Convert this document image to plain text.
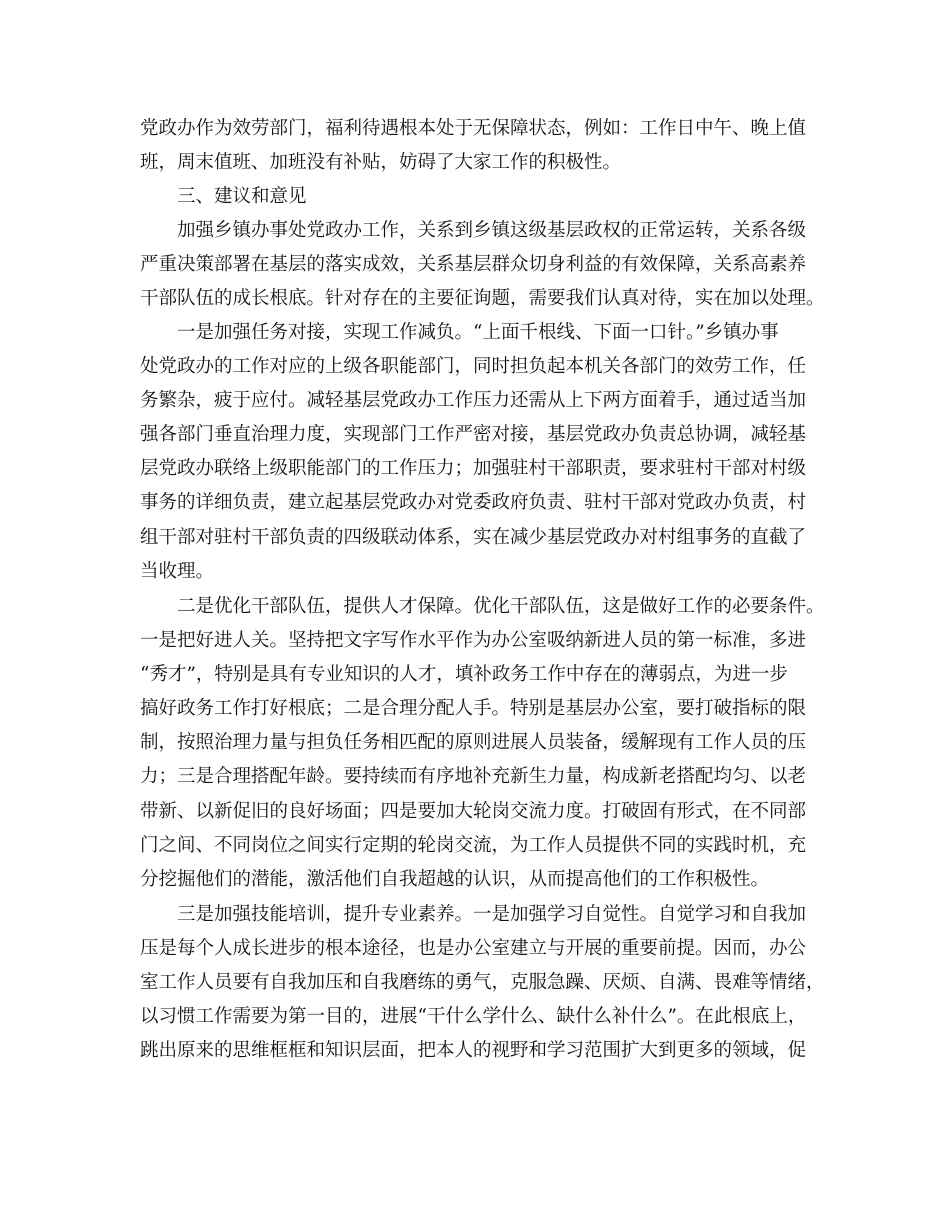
党政办作为效劳部门，福利待遇根本处于无保障状态，例如：工作日中午、晚上值
班，周末值班、加班没有补贴，妨碍了大家工作的积极性。
三、建议和意见
加强乡镇办事处党政办工作，关系到乡镇这级基层政权的正常运转，关系各级
严重决策部署在基层的落实成效，关系基层群众切身利益的有效保障，关系高素养
干部队伍的成长根底。针对存在的主要征询题，需要我们认真对待，实在加以处理。
一是加强任务对接，实现工作减负。“上面千根线、下面一口针。”乡镇办事
处党政办的工作对应的上级各职能部门，同时担负起本机关各部门的效劳工作，任
务繁杂，疲于应付。减轻基层党政办工作压力还需从上下两方面着手，通过适当加
强各部门垂直治理力度，实现部门工作严密对接，基层党政办负责总协调，减轻基
层党政办联络上级职能部门的工作压力；加强驻村干部职责，要求驻村干部对村级
事务的详细负责，建立起基层党政办对党委政府负责、驻村干部对党政办负责，村
组干部对驻村干部负责的四级联动体系，实在减少基层党政办对村组事务的直截了
当收理。
二是优化干部队伍，提供人才保障。优化干部队伍，这是做好工作的必要条件。
一是把好进人关。坚持把文字写作水平作为办公室吸纳新进人员的第一标准，多进
“秀才”，特别是具有专业知识的人才，填补政务工作中存在的薄弱点，为进一步
搞好政务工作打好根底；二是合理分配人手。特别是基层办公室，要打破指标的限
制，按照治理力量与担负任务相匹配的原则进展人员装备，缓解现有工作人员的压
力；三是合理搭配年龄。要持续而有序地补充新生力量，构成新老搭配均匀、以老
带新、以新促旧的良好场面；四是要加大轮岗交流力度。打破固有形式，在不同部
门之间、不同岗位之间实行定期的轮岗交流，为工作人员提供不同的实践时机，充
分挖掘他们的潜能，激活他们自我超越的认识，从而提高他们的工作积极性。
三是加强技能培训，提升专业素养。一是加强学习自觉性。自觉学习和自我加
压是每个人成长进步的根本途径，也是办公室建立与开展的重要前提。因而，办公
室工作人员要有自我加压和自我磨练的勇气，克服急躁、厌烦、自满、畏难等情绪，
以习惯工作需要为第一目的，进展“干什么学什么、缺什么补什么”。在此根底上，
跳出原来的思维框框和知识层面，把本人的视野和学习范围扩大到更多的领域，促
